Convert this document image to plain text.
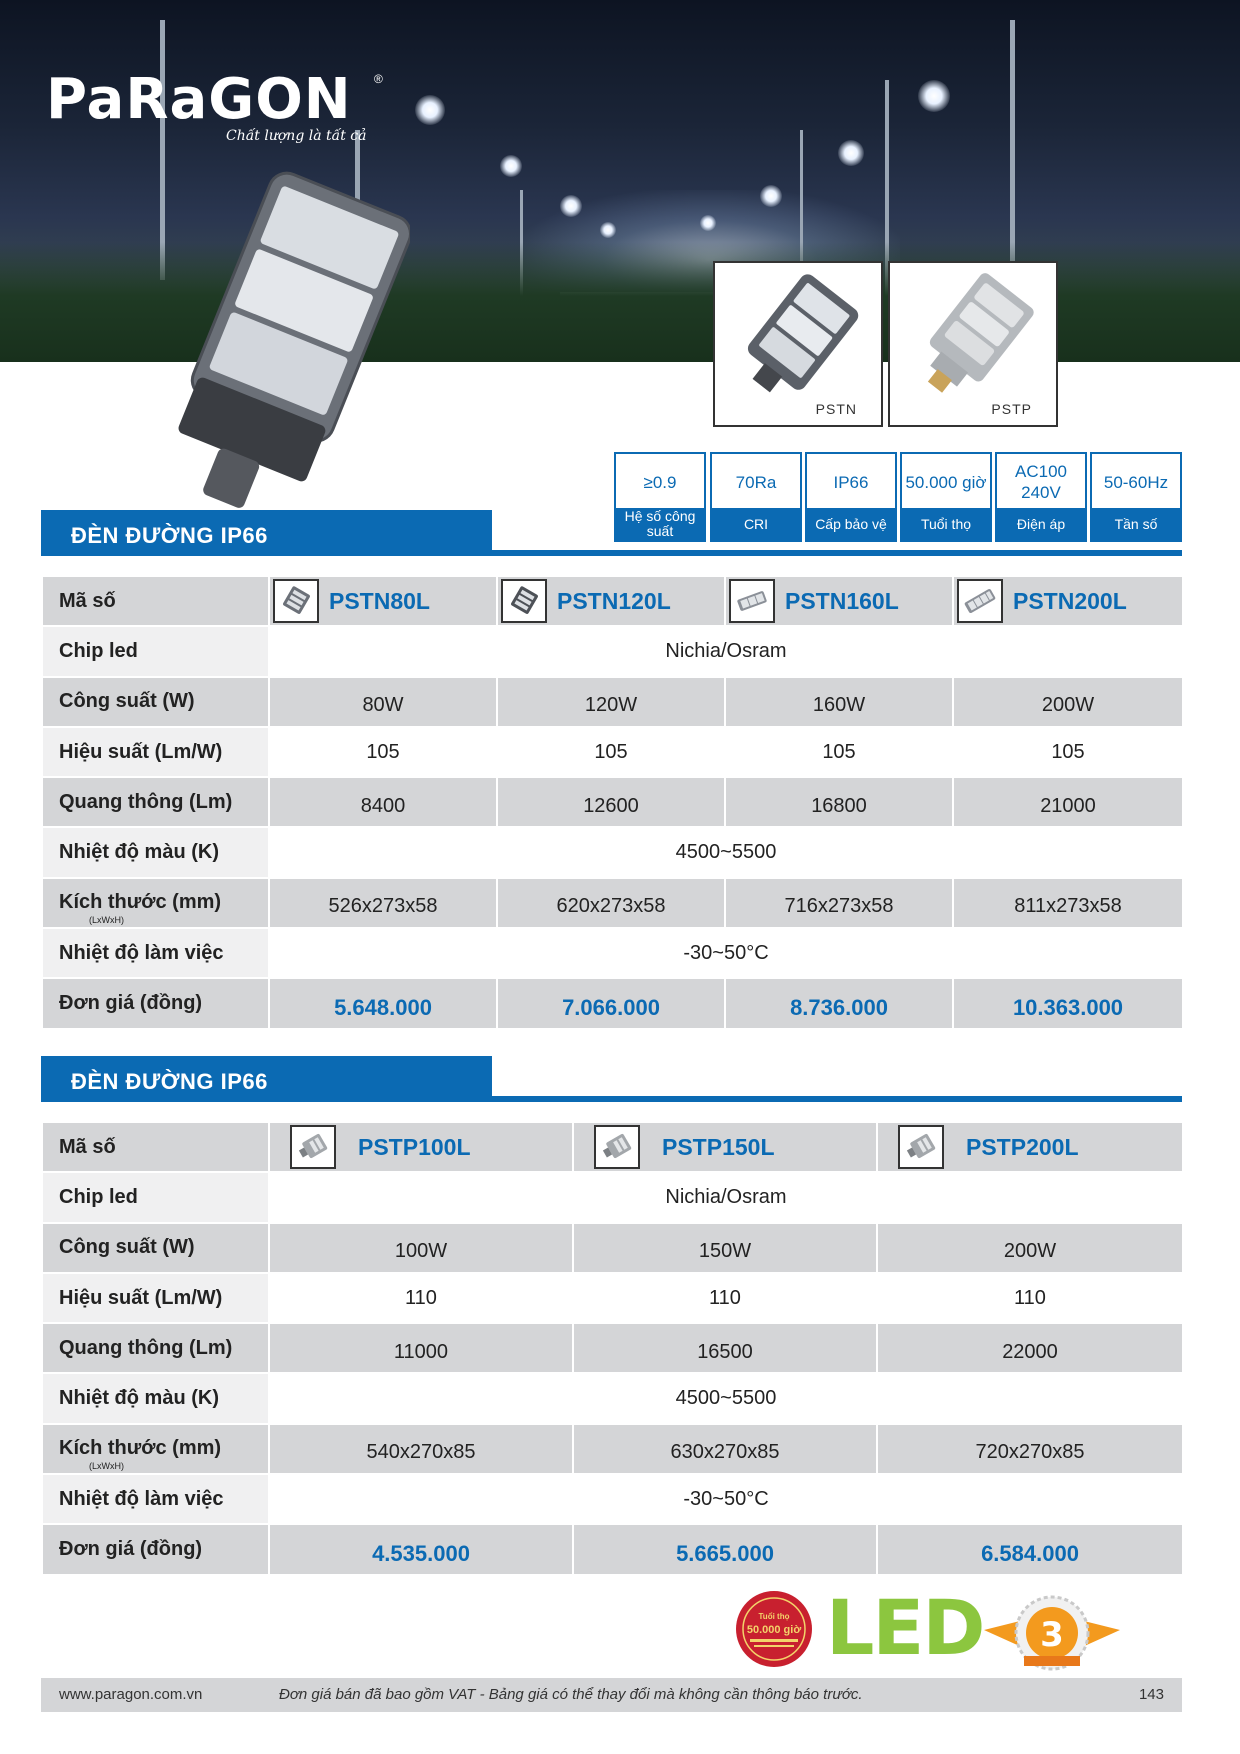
PaRaGON ®
Chất lượng là tất cả
PSTN	PSTP
≥0.9
Hệ số công suất
70Ra
CRI
IP66
Cấp bảo vệ
50.000 giờ
Tuổi thọ
AC100 240V
Điện áp
50-60Hz
Tần số
ĐÈN ĐƯỜNG IP66
Mã số	PSTN80L	PSTN120L	PSTN160L	PSTN200L

Chip led	Nichia/Osram			
Công suất (W)	80W	120W	160W	200W
Hiệu suất (Lm/W)	105	105	105	105
Quang thông (Lm)	8400	12600	16800	21000
Nhiệt độ màu (K)	4500~5500			
Kích thước (mm)
(LxWxH)	526x273x58	620x273x58	716x273x58	811x273x58
Nhiệt độ làm việc	-30~50°C			
Đơn giá (đồng)	5.648.000	7.066.000	8.736.000	10.363.000
ĐÈN ĐƯỜNG IP66
Mã số	PSTP100L	PSTP150L	PSTP200L

Chip led	Nichia/Osram		
Công suất (W)	100W	150W	200W
Hiệu suất (Lm/W)	110	110	110
Quang thông (Lm)	11000	16500	22000
Nhiệt độ màu (K)	4500~5500		
Kích thước (mm)
(LxWxH)	540x270x85	630x270x85	720x270x85
Nhiệt độ làm việc	-30~50°C		
Đơn giá (đồng)	4.535.000	5.665.000	6.584.000
Tuổi thọ
50.000 giờ LED 3
www.paragon.com.vn	Đơn giá bán đã bao gồm VAT - Bảng giá có thể thay đổi mà không cần thông báo trước.	143
